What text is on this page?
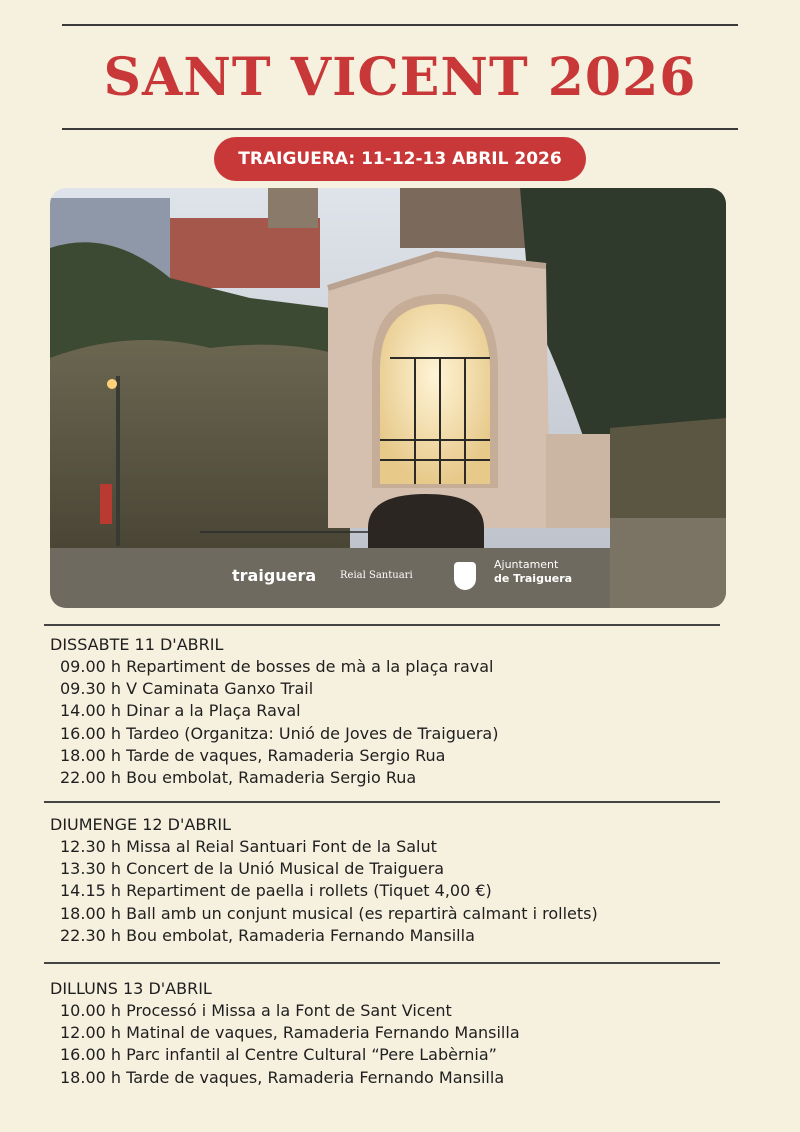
SANT VICENT 2026
TRAIGUERA: 11-12-13 ABRIL 2026
traiguera Reial Santuari
Ajuntament
de Traiguera
DISSABTE 11 D'ABRIL
09.00 h Repartiment de bosses de mà a la plaça raval
09.30 h V Caminata Ganxo Trail
14.00 h Dinar a la Plaça Raval
16.00 h Tardeo (Organitza: Unió de Joves de Traiguera)
18.00 h Tarde de vaques, Ramaderia Sergio Rua
22.00 h Bou embolat, Ramaderia Sergio Rua
DIUMENGE 12 D'ABRIL
12.30 h Missa al Reial Santuari Font de la Salut
13.30 h Concert de la Unió Musical de Traiguera
14.15 h Repartiment de paella i rollets (Tiquet 4,00 €)
18.00 h Ball amb un conjunt musical (es repartirà calmant i rollets)
22.30 h Bou embolat, Ramaderia Fernando Mansilla
DILLUNS 13 D'ABRIL
10.00 h Processó i Missa a la Font de Sant Vicent
12.00 h Matinal de vaques, Ramaderia Fernando Mansilla
16.00 h Parc infantil al Centre Cultural “Pere Labèrnia”
18.00 h Tarde de vaques, Ramaderia Fernando Mansilla
